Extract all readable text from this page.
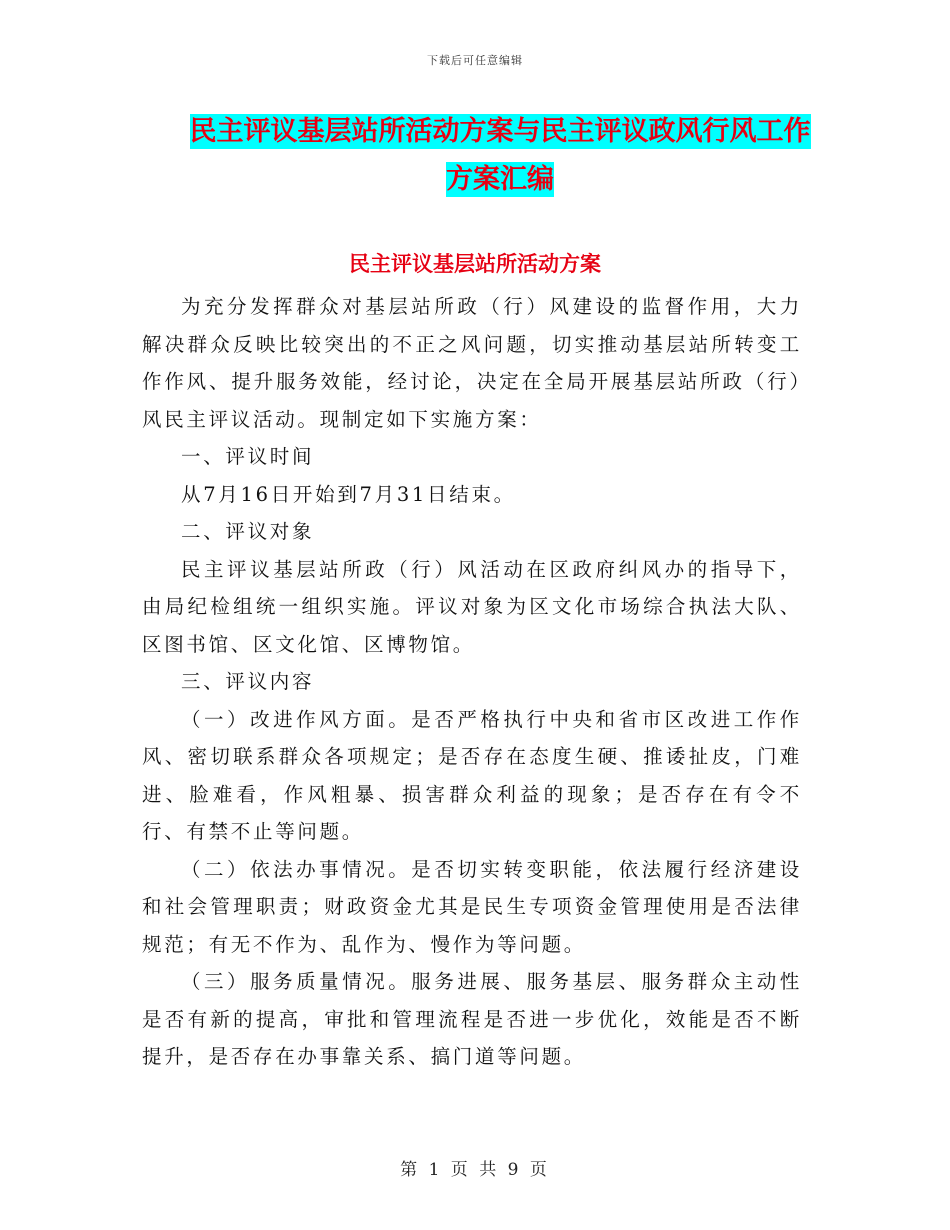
下载后可任意编辑
民主评议基层站所活动方案与民主评议政风行风工作
方案汇编
民主评议基层站所活动方案

为充分发挥群众对基层站所政（行）风建设的监督作用，大力解决群众反映比较突出的不正之风问题，切实推动基层站所转变工作作风、提升服务效能，经讨论，决定在全局开展基层站所政（行）风民主评议活动。现制定如下实施方案：

一、评议时间

从7月16日开始到7月31日结束。

二、评议对象

民主评议基层站所政（行）风活动在区政府纠风办的指导下，由局纪检组统一组织实施。评议对象为区文化市场综合执法大队、区图书馆、区文化馆、区博物馆。

三、评议内容

（一）改进作风方面。是否严格执行中央和省市区改进工作作风、密切联系群众各项规定；是否存在态度生硬、推诿扯皮，门难进、脸难看，作风粗暴、损害群众利益的现象；是否存在有令不行、有禁不止等问题。

（二）依法办事情况。是否切实转变职能，依法履行经济建设和社会管理职责；财政资金尤其是民生专项资金管理使用是否法律规范；有无不作为、乱作为、慢作为等问题。

（三）服务质量情况。服务进展、服务基层、服务群众主动性是否有新的提高，审批和管理流程是否进一步优化，效能是否不断提升，是否存在办事靠关系、搞门道等问题。

第 1 页 共 9 页
